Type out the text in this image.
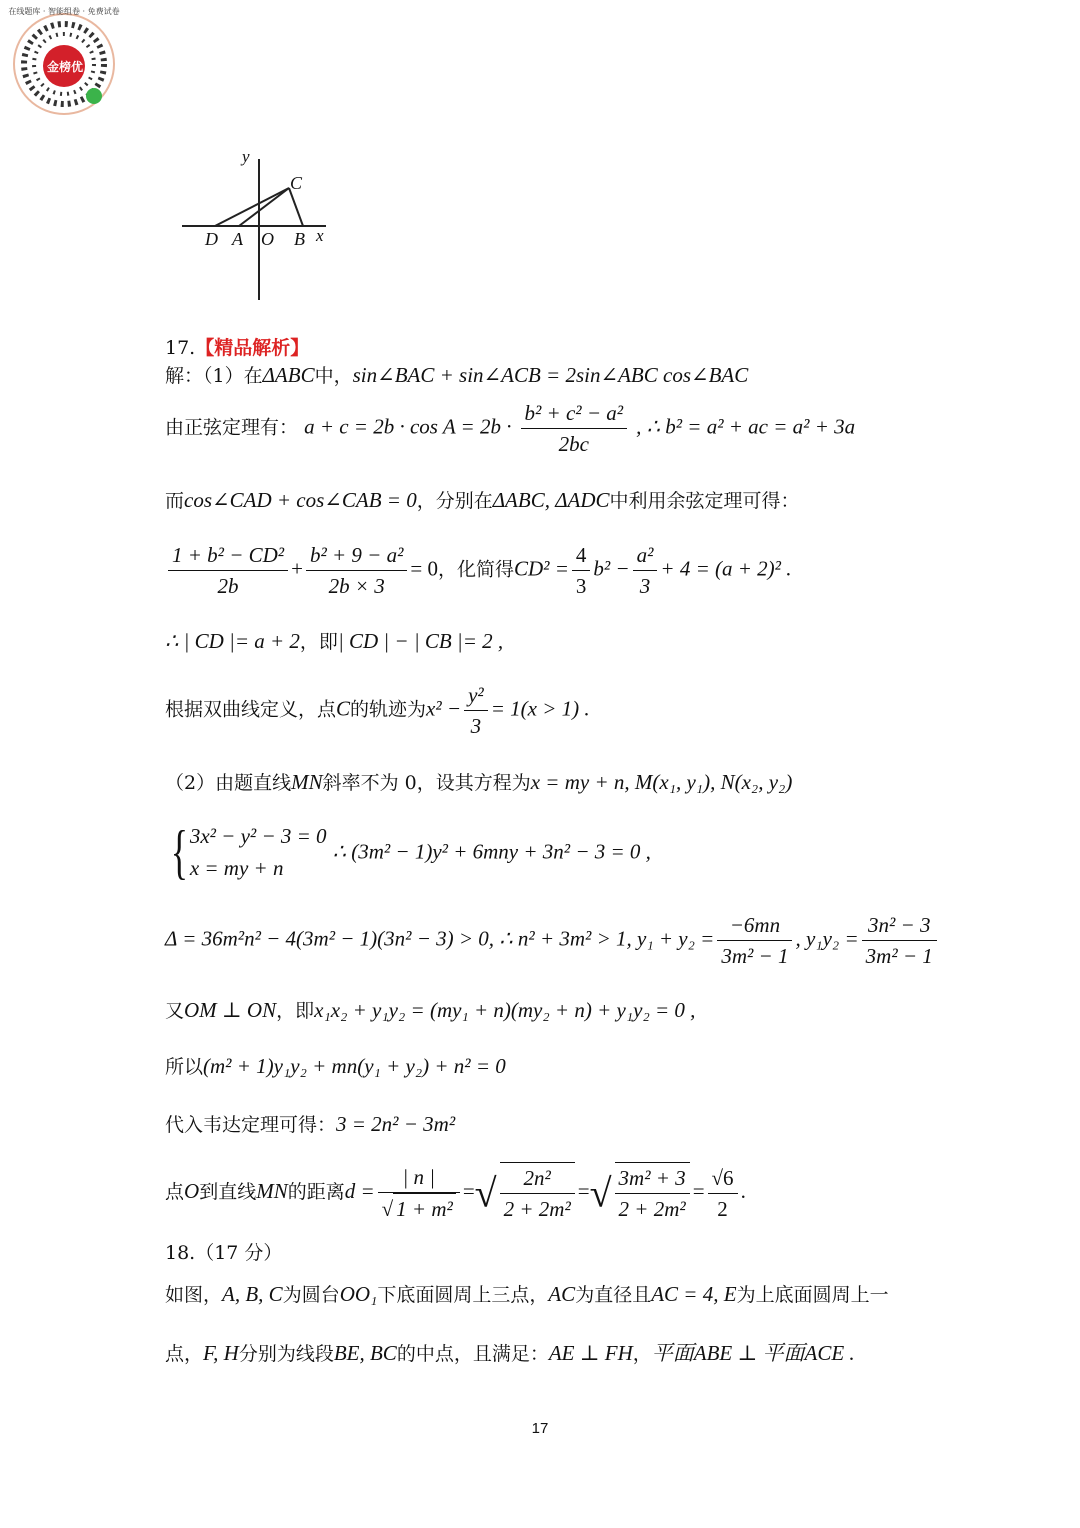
金榜优
在线题库 · 智能组卷 · 免费试卷
y
x
D A O B
C
17.【精品解析】
解：（1）在ΔABC中，sin∠BAC + sin∠ACB = 2sin∠ABC cos∠BAC
由正弦定理有： $a + c = 2b \cdot \cos A = 2b \cdot \frac{\text{b² + c² − a²}}{2bc}$ , ∴ b² = a² + ac = a² + 3a
而cos∠CAD + cos∠CAB = 0，分别在ΔABC, ΔADC中利用余弦定理可得：
$\frac{\text{1 + b² − CD²}}{2b} + \frac{\text{b² + 9 − a²}}{2b \times 3} = 0$，化简得$CD^2 = \frac{4}{3} b^2 - \frac{\text{a²}}{3} + 4 = (a + 2)^2$ .
∴ | CD |= a + 2，即| CD | − | CB |= 2 ,
根据双曲线定义，点C的轨迹为$x^2 - \frac{\text{y²}}{3} = 1(x > 1)$ .
（2）由题直线MN斜率不为 0，设其方程为x = my + n, M(x₁, y₁), N(x₂, y₂)
{ 3x² − y² − 3 = 0
x = my + n
∴ (3m² − 1)y² + 6mny + 3n² − 3 = 0 ,
Δ = 36m²n² − 4(3m² − 1)(3n² − 3) > 0, ∴ n² + 3m² > 1, $y_1 + y_2 = \frac{-6mn}{\text{3m² − 1}}$ , $y_1y_2 = \frac{\text{3n² − 3}}{\text{3m² − 1}}$
又OM ⊥ ON，即x₁x₂ + y₁y₂ = (my₁ + n)(my₂ + n) + y₁y₂ = 0 ,
所以(m² + 1)y₁y₂ + mn(y₁ + y₂) + n² = 0
代入韦达定理可得：3 = 2n² − 3m²
点O到直线MN的距离$d = \frac{| n |}{\text{√ 1 + m²}}$ =√ $\frac{\text{2n²}}{\text{2 + 2m²}}$ =√ $\frac{\text{3m² + 3}}{\text{2 + 2m²}} = \frac{√6}{2}$ .
18.（17 分）
如图，A, B, C为圆台OO₁下底面圆周上三点，AC为直径且AC = 4, E为上底面圆周上一
点，F, H分别为线段BE, BC的中点，且满足：AE ⊥ FH，平面ABE ⊥ 平面ACE .
17
